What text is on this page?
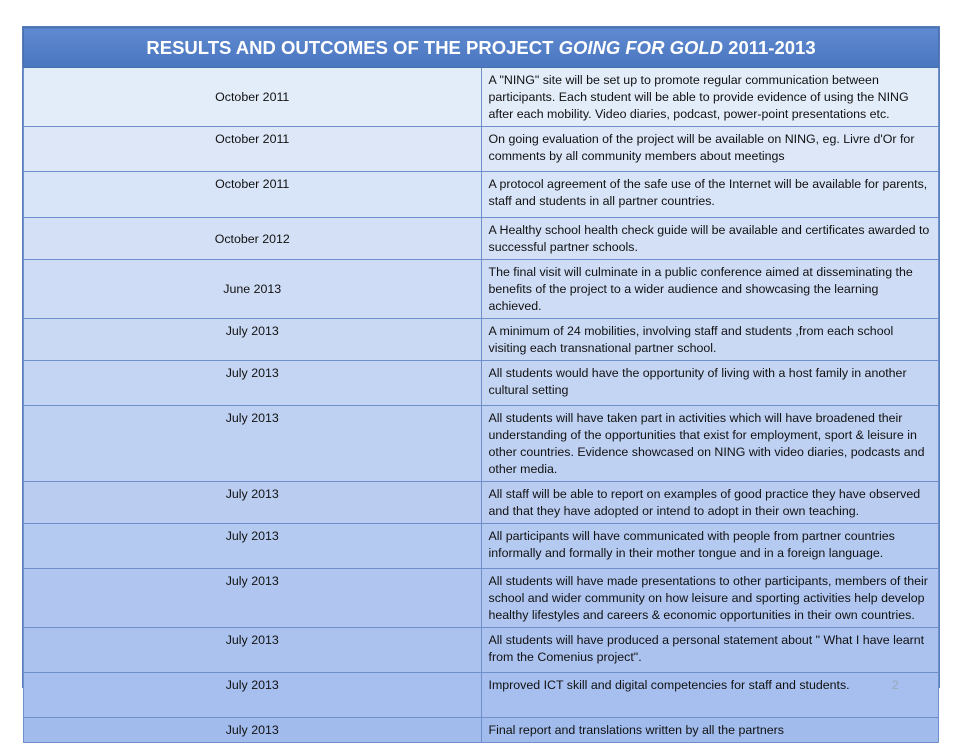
RESULTS AND OUTCOMES OF THE PROJECT GOING FOR GOLD 2011-2013	
October 2011	A "NING" site will be set up to promote regular communication between participants. Each student will be able to provide evidence of using the NING after each mobility. Video diaries, podcast, power-point presentations etc.
October 2011	On going evaluation of the project will be available on NING, eg. Livre d'Or for comments by all community members about meetings
October 2011	A protocol agreement of the safe use of the Internet will be available for parents, staff and students in all partner countries.
October 2012	A Healthy school health check guide will be available and certificates awarded to successful partner schools.
June 2013	The final visit will culminate in a public conference aimed at disseminating the benefits of the project to a wider audience and showcasing the learning achieved.
July 2013	A minimum of 24 mobilities, involving staff and students ,from each school visiting each transnational partner school.
July 2013	All students would have the opportunity of living with a host family in another cultural setting
July 2013	All students will have taken part in activities which will have broadened their understanding of the opportunities that exist for employment, sport & leisure in other countries. Evidence showcased on NING with video diaries, podcasts and other media.
July 2013	All staff will be able to report on examples of good practice they have observed and that they have adopted or intend to adopt in their own teaching.
July 2013	All participants will have communicated with people from partner countries informally and formally in their mother tongue and in a foreign language.
July 2013	All students will have made presentations to other participants, members of their school and wider community on how leisure and sporting activities help develop healthy lifestyles and careers & economic opportunities in their own countries.
July 2013	All students will have produced a personal statement about " What I have learnt from the Comenius project".
July 2013	Improved ICT skill and digital competencies for staff and students.
July 2013	Final report and translations written by all the partners
2
